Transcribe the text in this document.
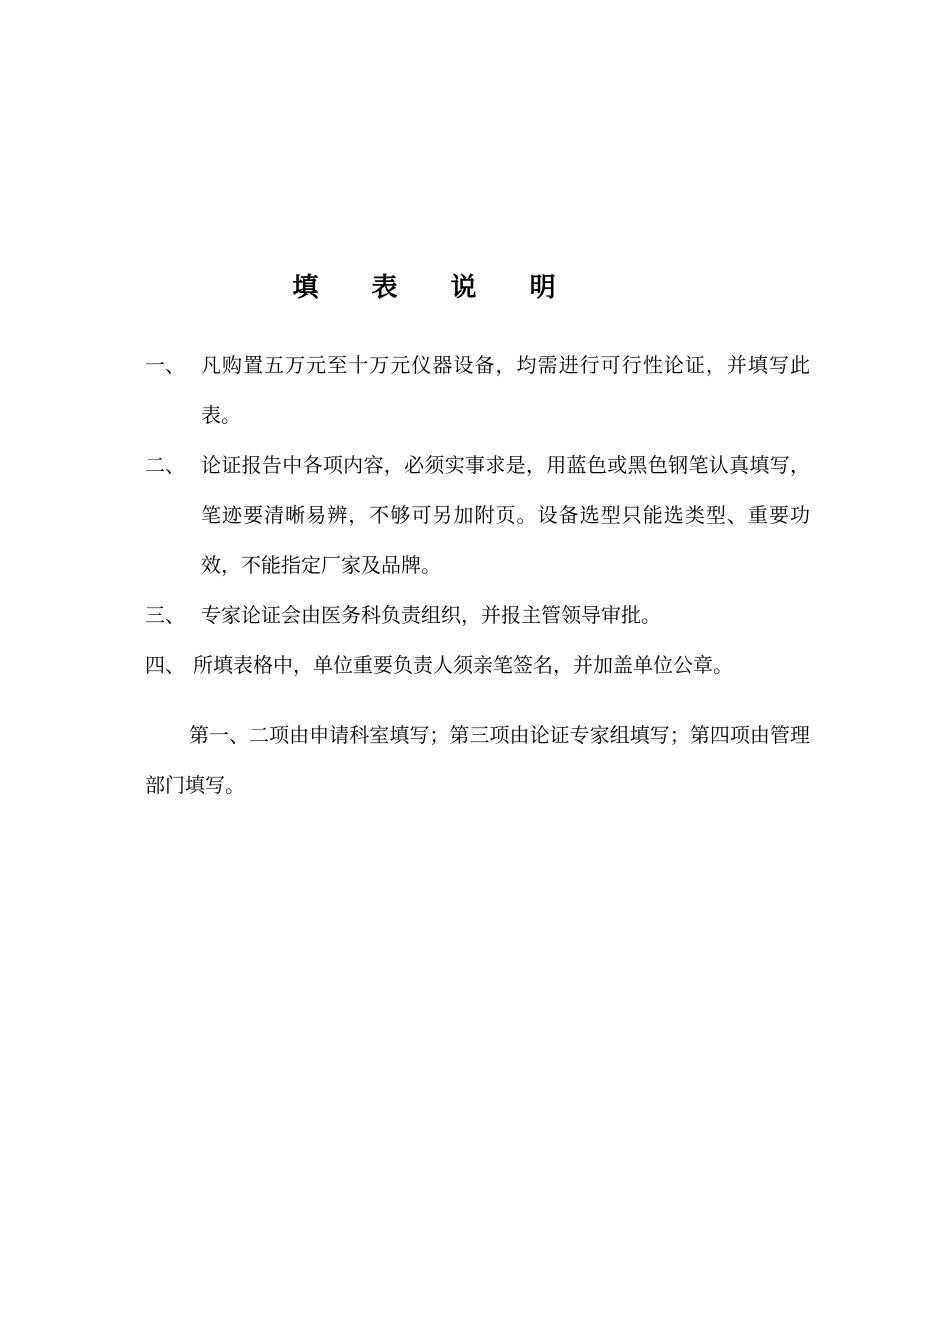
填 表 说 明
一、 凡购置五万元至十万元仪器设备，均需进行可行性论证，并填写此表。
二、 论证报告中各项内容，必须实事求是，用蓝色或黑色钢笔认真填写，笔迹要清晰易辨，不够可另加附页。设备选型只能选类型、重要功效，不能指定厂家及品牌。
三、 专家论证会由医务科负责组织，并报主管领导审批。
四、 所填表格中，单位重要负责人须亲笔签名，并加盖单位公章。
第一、二项由申请科室填写；第三项由论证专家组填写；第四项由管理部门填写。
